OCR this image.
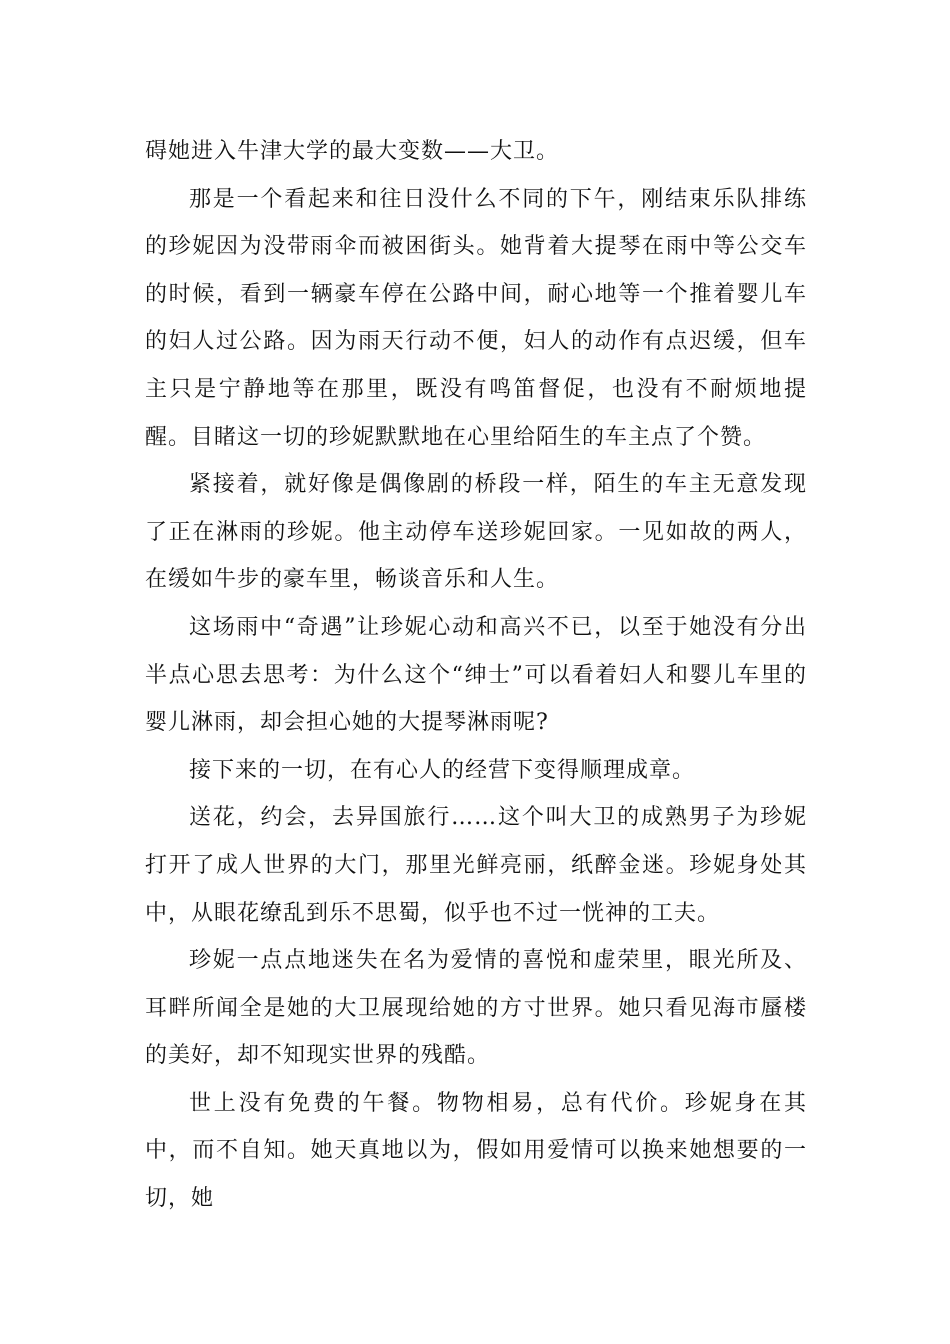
碍她进入牛津大学的最大变数——大卫。

那是一个看起来和往日没什么不同的下午，刚结束乐队排练的珍妮因为没带雨伞而被困街头。她背着大提琴在雨中等公交车的时候，看到一辆豪车停在公路中间，耐心地等一个推着婴儿车的妇人过公路。因为雨天行动不便，妇人的动作有点迟缓，但车主只是宁静地等在那里，既没有鸣笛督促，也没有不耐烦地提醒。目睹这一切的珍妮默默地在心里给陌生的车主点了个赞。

紧接着，就好像是偶像剧的桥段一样，陌生的车主无意发现了正在淋雨的珍妮。他主动停车送珍妮回家。一见如故的两人，在缓如牛步的豪车里，畅谈音乐和人生。

这场雨中“奇遇”让珍妮心动和高兴不已，以至于她没有分出半点心思去思考：为什么这个“绅士”可以看着妇人和婴儿车里的婴儿淋雨，却会担心她的大提琴淋雨呢?

接下来的一切，在有心人的经营下变得顺理成章。

送花，约会，去异国旅行……这个叫大卫的成熟男子为珍妮打开了成人世界的大门，那里光鲜亮丽，纸醉金迷。珍妮身处其中，从眼花缭乱到乐不思蜀，似乎也不过一恍神的工夫。

珍妮一点点地迷失在名为爱情的喜悦和虚荣里，眼光所及、耳畔所闻全是她的大卫展现给她的方寸世界。她只看见海市蜃楼的美好，却不知现实世界的残酷。

世上没有免费的午餐。物物相易，总有代价。珍妮身在其中，而不自知。她天真地以为，假如用爱情可以换来她想要的一切，她
